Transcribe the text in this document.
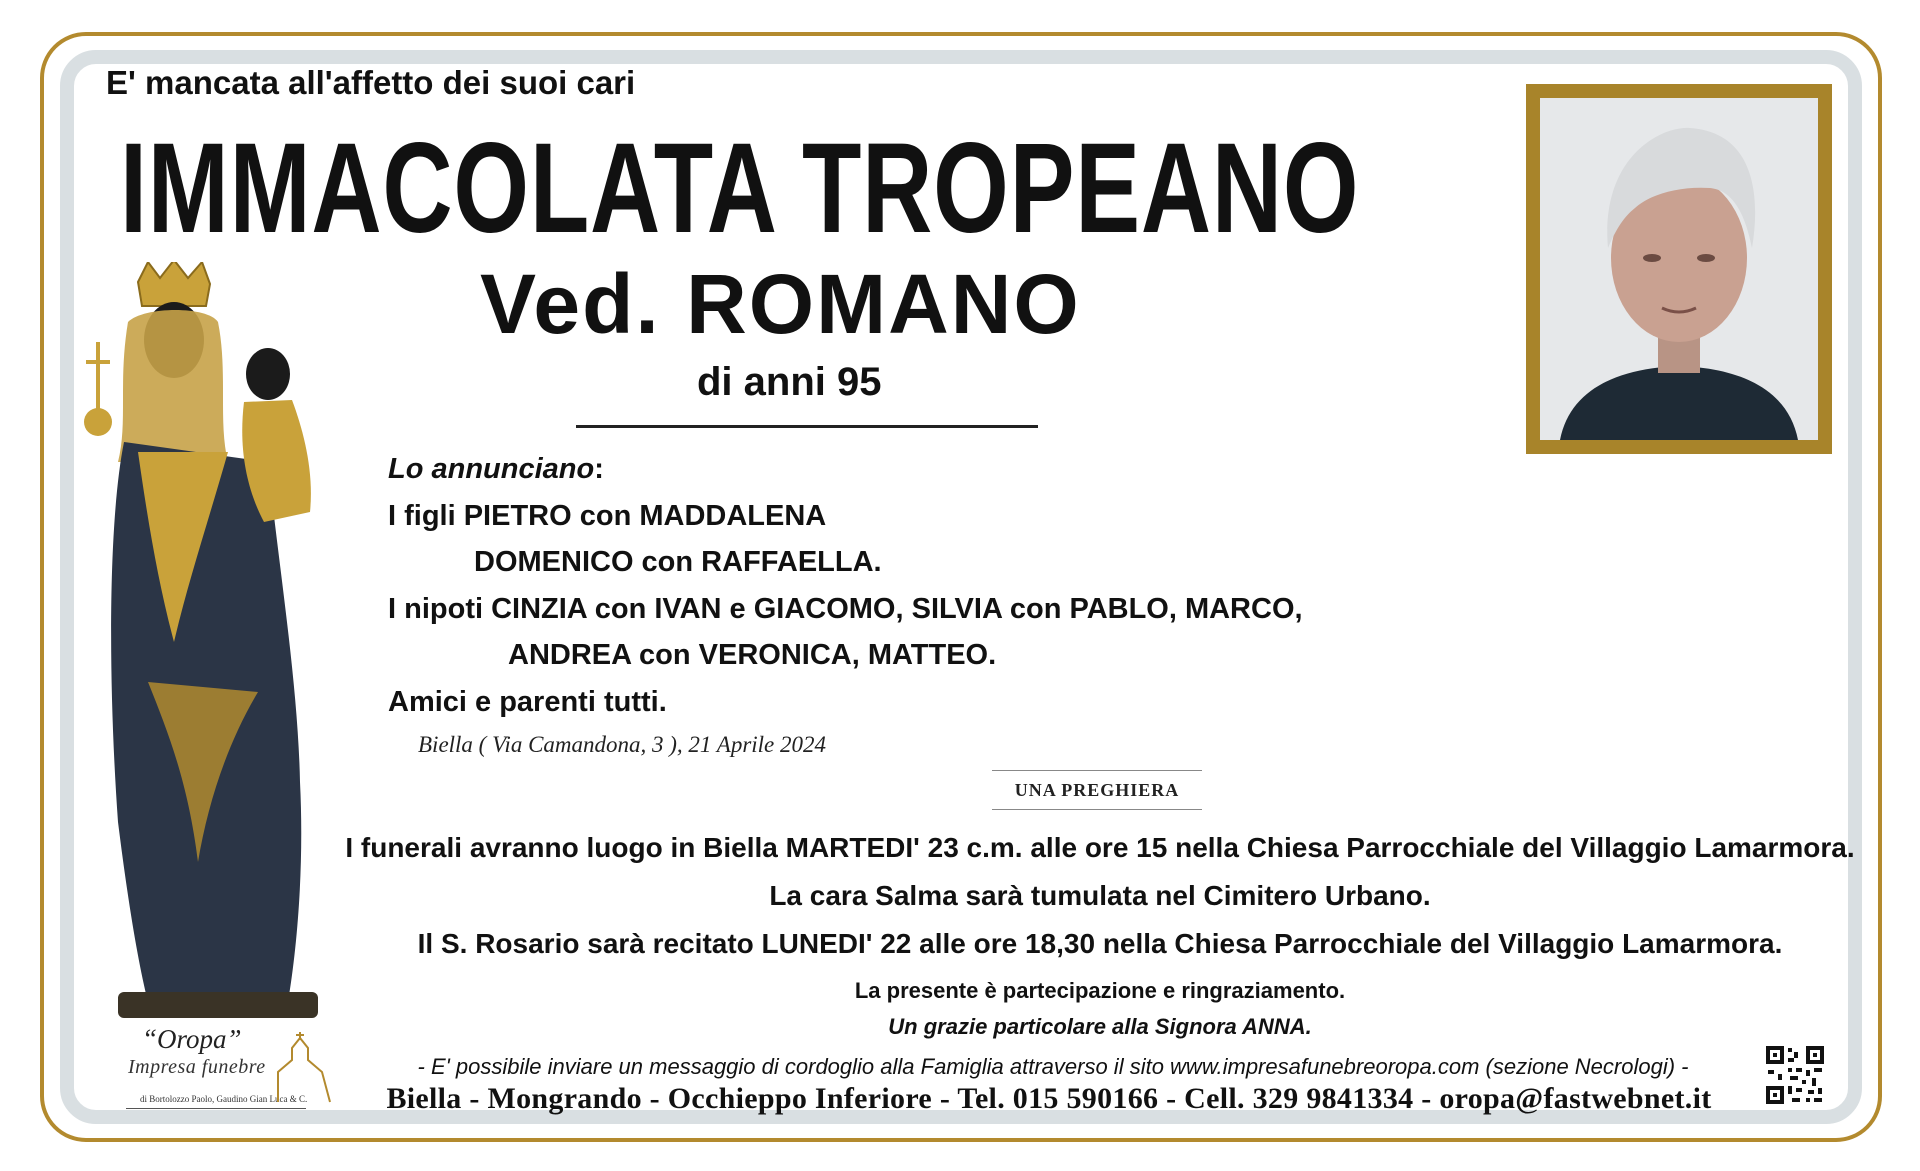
E' mancata all'affetto dei suoi cari
IMMACOLATA TROPEANO
Ved. ROMANO
di anni 95
Lo annunciano:
I figli PIETRO con MADDALENA
DOMENICO con RAFFAELLA.
I nipoti CINZIA con IVAN e GIACOMO, SILVIA con PABLO, MARCO,
ANDREA con VERONICA, MATTEO.
Amici e parenti tutti.
Biella ( Via Camandona, 3 ), 21 Aprile 2024
UNA PREGHIERA
I funerali avranno luogo in Biella MARTEDI' 23 c.m. alle ore 15 nella Chiesa Parrocchiale del Villaggio Lamarmora.
La cara Salma sarà tumulata nel Cimitero Urbano.
Il S. Rosario sarà recitato LUNEDI' 22 alle ore 18,30 nella Chiesa Parrocchiale del Villaggio Lamarmora.
La presente è partecipazione e ringraziamento.
Un grazie particolare alla Signora ANNA.
- E' possibile inviare un messaggio di cordoglio alla Famiglia attraverso il sito www.impresafunebreoropa.com (sezione Necrologi) -
Biella - Mongrando - Occhieppo Inferiore - Tel. 015 590166 - Cell. 329 9841334 - oropa@fastwebnet.it
“Oropa”
Impresa funebre
di Bortolozzo Paolo, Gaudino Gian Luca & C.
